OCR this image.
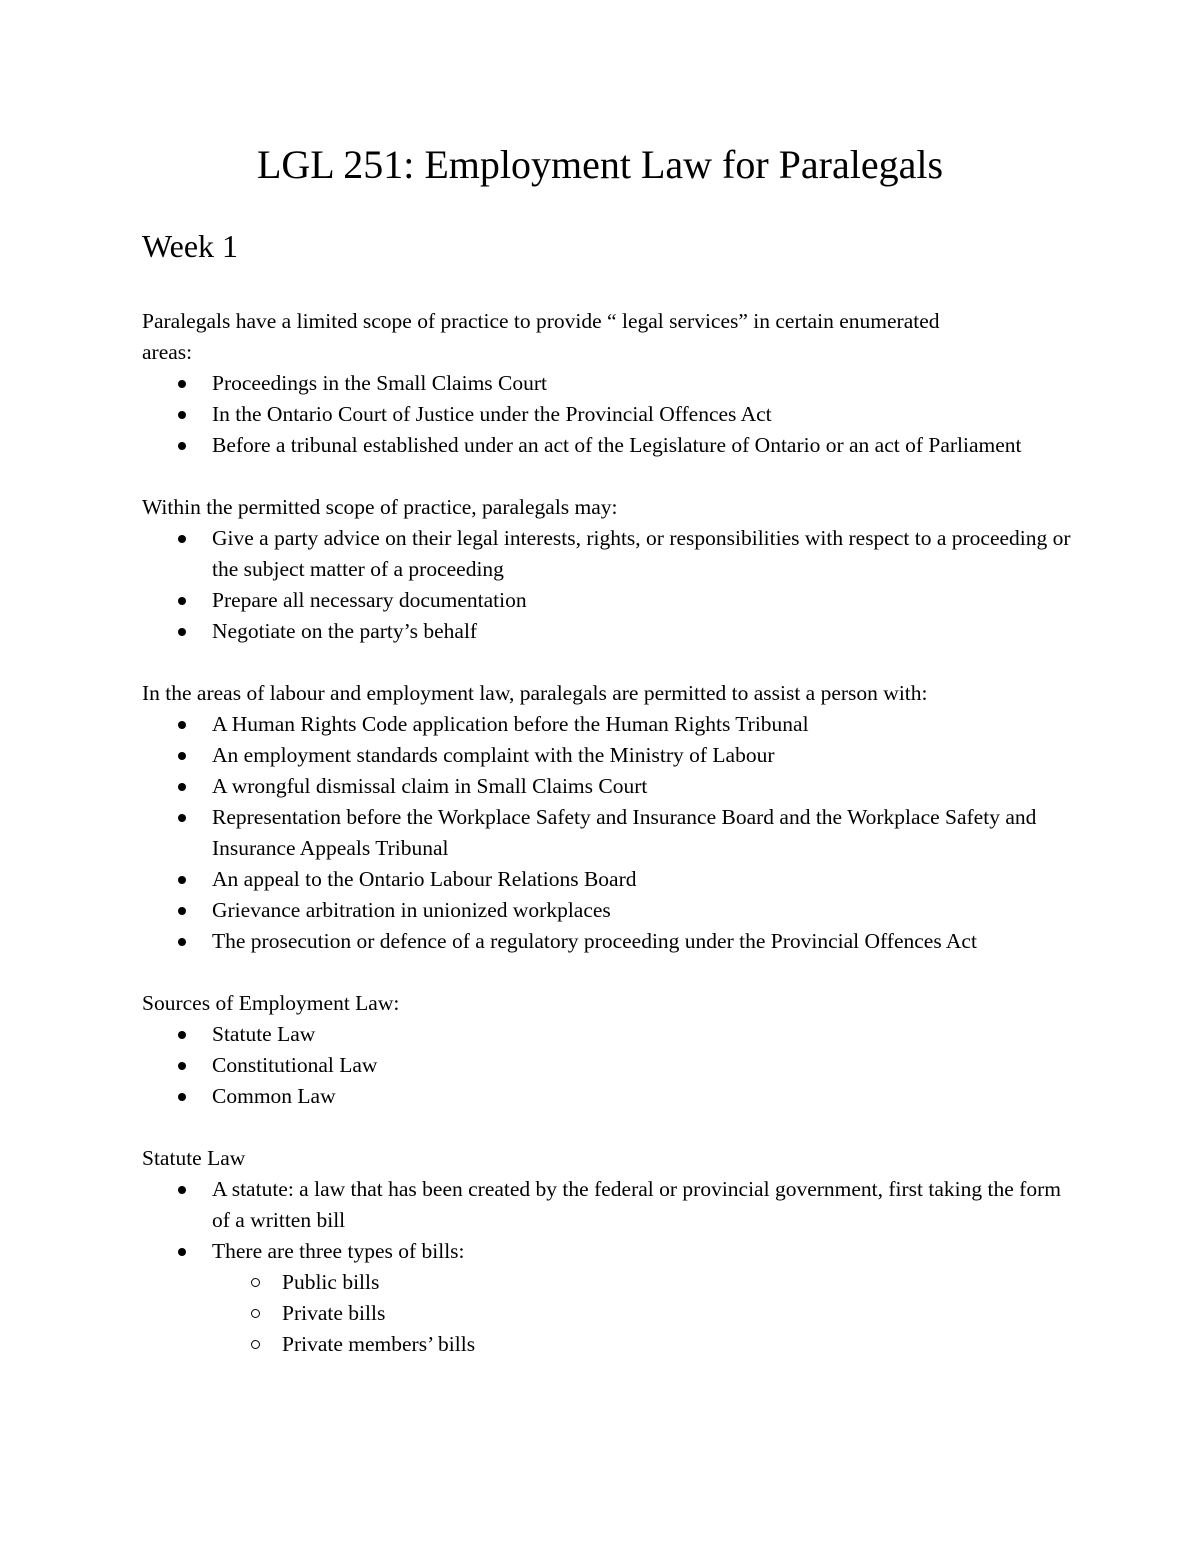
LGL 251: Employment Law for Paralegals
Week 1

Paralegals have a limited scope of practice to provide “ legal services” in certain enumerated
areas:

Proceedings in the Small Claims Court
In the Ontario Court of Justice under the Provincial Offences Act
Before a tribunal established under an act of the Legislature of Ontario or an act of Parliament

Within the permitted scope of practice, paralegals may:

Give a party advice on their legal interests, rights, or responsibilities with respect to a proceeding or the subject matter of a proceeding
Prepare all necessary documentation
Negotiate on the party’s behalf

In the areas of labour and employment law, paralegals are permitted to assist a person with:

A Human Rights Code application before the Human Rights Tribunal
An employment standards complaint with the Ministry of Labour
A wrongful dismissal claim in Small Claims Court
Representation before the Workplace Safety and Insurance Board and the Workplace Safety and Insurance Appeals Tribunal
An appeal to the Ontario Labour Relations Board
Grievance arbitration in unionized workplaces
The prosecution or defence of a regulatory proceeding under the Provincial Offences Act

Sources of Employment Law:

Statute Law
Constitutional Law
Common Law

Statute Law

A statute: a law that has been created by the federal or provincial government, first taking the form of a written bill
There are three types of bills:
Public bills
Private bills
Private members’ bills
